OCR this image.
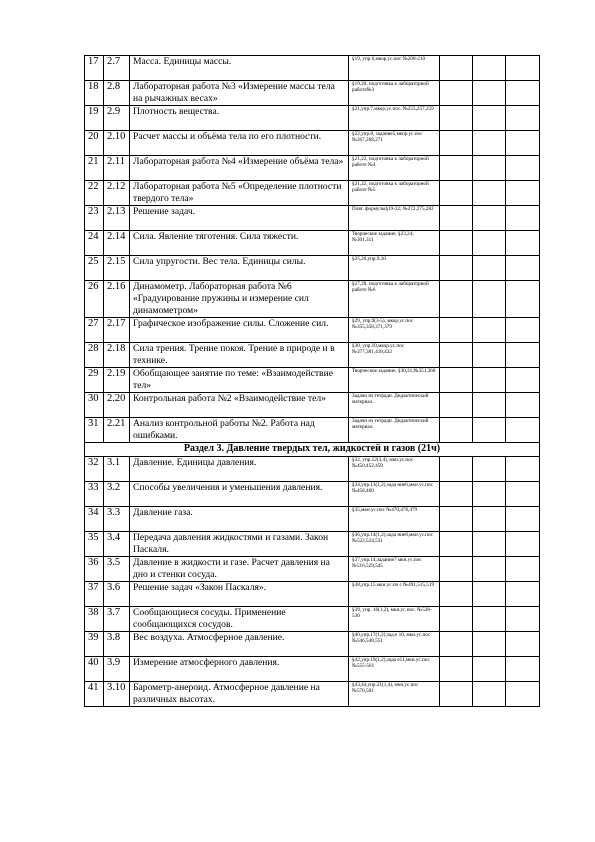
17	2.7	Масса. Единицы массы.	§19, упр.6,мкор.ус.пос №208-210			
18	2.8	Лабораторная работа №3 «Измерение массы тела на рычажных весах»	§19,20, подготовка к лабораторной работе№3			
19	2.9	Плотность вещества.	§21,упр.7,мкор.ус.пос. №255,257,259			
20	2.10	Расчет массы и объёма тела по его плотности.	§22,упр.8, задание5,мкор.ус.пос №267,268,271			
21	2.11	Лабораторная работа №4 «Измерение объёма тела»	§21,22, подготовка к лабораторной работе №4			
22	2.12	Лабораторная работа №5 «Определение плотности твердого тела»	§21,22, подготовка к лабораторной работе №5			
23	2.13	Решение задач.	Повт. формулы§19-22; №272,275,282			
24	2.14	Сила. Явление тяготения. Сила тяжести.	Творческое задание, §23,24; №301,311			
25	2.15	Сила упругости. Вес тела. Единицы силы.	§25,26,упр.9,10			
26	2.16	Динамометр. Лабораторная работа №6 «Градуирование пружины и измерение сил динамометром»	§27,28, подготовка к лабораторной работе №6			
27	2.17	Графическое изображение силы. Сложение сил.	§29, упр.9(3-5), мкор.ус.пос №355,358,371,379			
28	2.18	Сила трения. Трение покоя. Трение в природе и в технике.	§30, упр.10,мкор.ус.пос №377,381,418,432			
29	2.19	Обобщающее занятие по теме: «Взаимодействие тел»	Творческое задание, §30,31;№351,368			
30	2.20	Контрольная работа №2 «Взаимодействие тел»	Задачи из тетради. Дидактический материал.			
31	2.21	Анализ контрольной работы №2. Работа над ошибками.	Задачи из тетради. Дидактический материал.			
Раздел 3. Давление твердых тел, жидкостей и газов (21ч)						
32	3.1	Давление. Единицы давления.	§32, упр.12(3,4), мкн.ус.пос №450,452,459			
33	3.2	Способы увеличения и уменьшения давления.	§34,упр.13(1,2),зада ние6,мкн.ус.пос №458,460			
34	3.3	Давление газа.	§35,мкн.ус.пос №470,476,479			
35	3.4	Передача давления жидкостями и газами. Закон Паскаля.	§36,упр.14(1,2),зада ние8,мкн.ус.пос №522,524,531			
36	3.5	Давление в жидкости и газе. Расчет давления на дно и стенки сосуда.	§37,упр.14,задание7 мкн.ус.пос №516,529,545			
37	3.6	Решение задач «Закон Паскаля».	§38,упр.15,мкн.ус.по с №491,515,519			
38	3.7	Сообщающиеся сосуды. Применение сообщающихся сосудов.	§39, упр. 16(1,2), мкн.ус.пос. №528-530			
39	3.8	Вес воздуха. Атмосферное давление.	§40,упр.17(1,2),зад.е 10, мкн.ус.пос №546,548,551			
40	3.9	Измерение атмосферного давления.	§42,упр.19(1,2),зада е11,мкн.ус.пос №555-561			
41	3.10	Барометр-анероид. Атмосферное давление на различных высотах.	§43,44,упр.21(1,4), мкн.ус.пос №570,581			
